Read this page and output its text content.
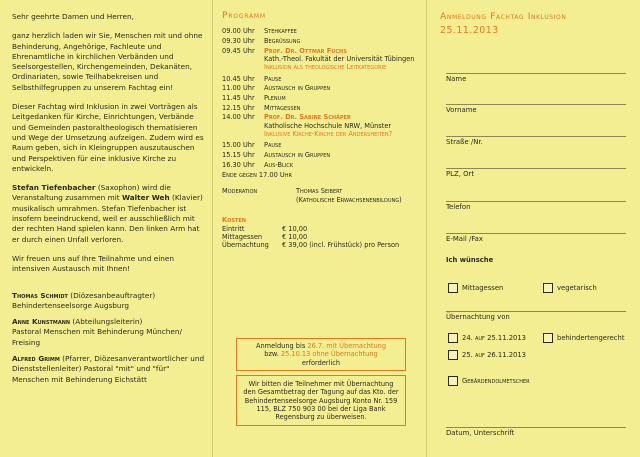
Sehr geehrte Damen und Herren,

ganz herzlich laden wir Sie, Menschen mit und ohne Behinderung, Angehörige, Fachleute und Ehrenamtliche in kirchlichen Verbänden und Seelsorgestellen, Kirchengemeinden, Dekanäten, Ordinariaten, sowie Teilhabekreisen und Selbsthilfegruppen zu unserem Fachtag ein!

Dieser Fachtag wird Inklusion in zwei Vorträgen als Leitgedanken für Kirche, Einrichtungen, Verbände und Gemeinden pastoraltheologisch thematisieren und Wege der Umsetzung aufzeigen. Zudem wird es Raum geben, sich in Kleingruppen auszutauschen und Perspektiven für eine inklusive Kirche zu entwickeln.

Stefan Tiefenbacher (Saxophon) wird die Veranstaltung zusammen mit Walter Weh (Klavier) musikalisch umrahmen. Stefan Tiefenbacher ist insofern beeindruckend, weil er ausschließlich mit der rechten Hand spielen kann. Den linken Arm hat er durch einen Unfall verloren.

Wir freuen uns auf Ihre Teilnahme und einen intensiven Austausch mit Ihnen!

Thomas Schmidt (Diözesanbeauftragter)
Behindertenseelsorge Augsburg
Anne Kunstmann (Abteilungsleiterin)
Pastoral Menschen mit Behinderung München/ Freising
Alfred Grimm (Pfarrer, Diözesanverantwortlicher und Dienststellenleiter) Pastoral "mit" und "für" Menschen mit Behinderung Eichstätt
Programm
09.00 Uhr	Stehkaffee
09.30 Uhr	Begrüßung
09.45 Uhr	Prof. Dr. Ottmar Fuchs
Kath.-Theol. Fakultät der Universität Tübingen
Inklusion als theologische Leitkategorie
10.45 Uhr	Pause
11.00 Uhr	Austausch in Gruppen
11.45 Uhr	Plenum
12.15 Uhr	Mittagessen
14.00 Uhr	Prof. Dr. Sabine Schäper
Katholische Hochschule NRW, Münster
Inklusive Kirche-Kirche der Andersheiten?
15.00 Uhr	Pause
15.15 Uhr	Austausch in Gruppen
16.30 Uhr	Aus-Blick
Ende gegen 17.00 Uhr
Moderation	Thomas Seibert
(Katholische Erwachsenenbildung)
Kosten
Eintritt	€ 10,00
Mittagessen	€ 10,00
Übernachtung	€ 39,00 (incl. Frühstück) pro Person
Anmeldung bis 26.7. mit Übernachtung
bzw. 25.10.13 ohne Übernachtung
erforderlich
Wir bitten die Teilnehmer mit Übernachtung den Gesamtbetrag der Tagung auf das Kto. der Behindertenseelsorge Augsburg Konto Nr. 159 115, BLZ 750 903 00 bei der Liga Bank Regensburg zu überweisen.
Anmeldung Fachtag Inklusion
25.11.2013
Name
Vorname
Straße /Nr.
PLZ, Ort
Telefon
E-Mail /Fax
Ich wünsche
Mittagessen	vegetarisch
Übernachtung von
24. auf 25.11.2013	behindertengerecht
25. auf 26.11.2013
Gebärdendolmetscher
Datum, Unterschrift
